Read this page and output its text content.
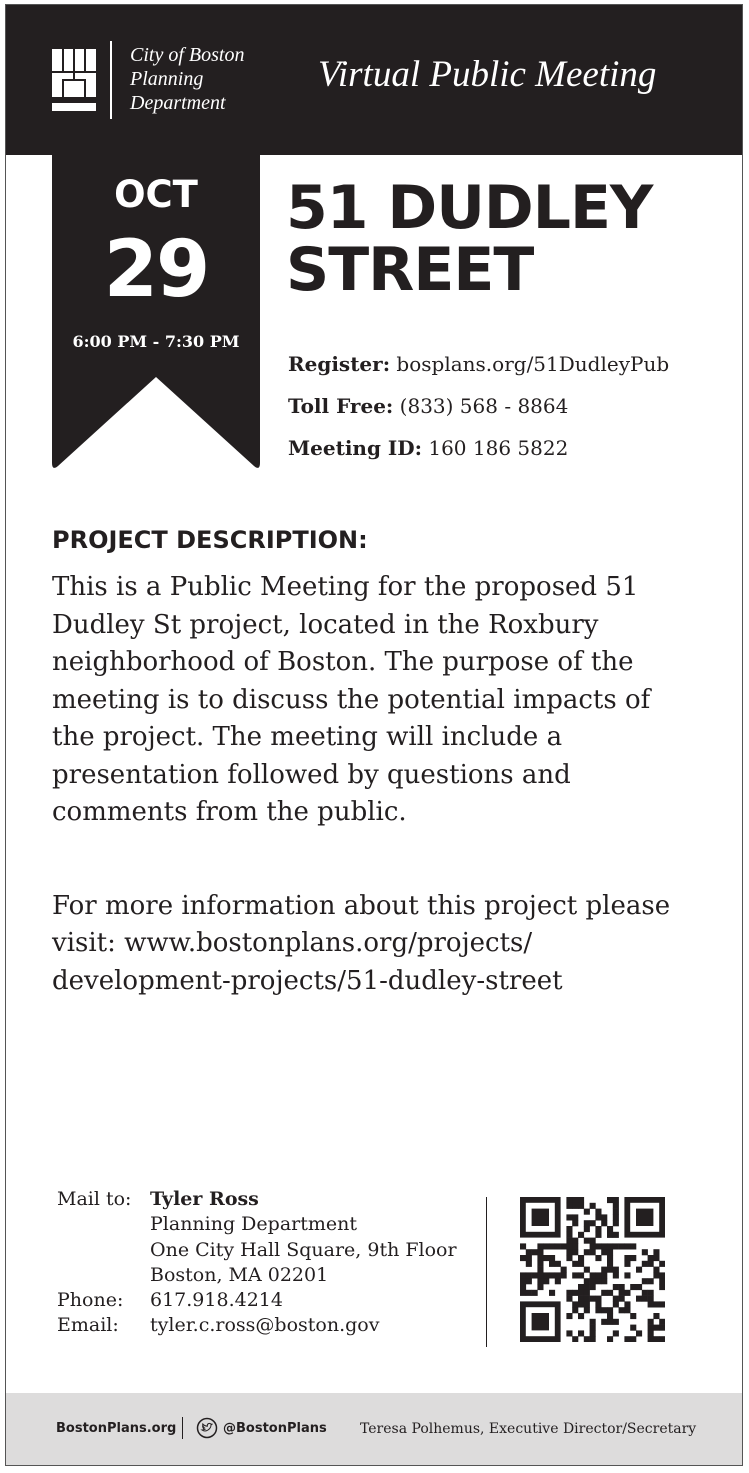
City of Boston
Planning
Department
Virtual Public Meeting
OCT
29
6:00 PM - 7:30 PM
51 DUDLEY
STREET
Register: bosplans.org/51DudleyPub
Toll Free: (833) 568 - 8864
Meeting ID: 160 186 5822
PROJECT DESCRIPTION:
This is a Public Meeting for the proposed 51
Dudley St project, located in the Roxbury
neighborhood of Boston. The purpose of the
meeting is to discuss the potential impacts of
the project. The meeting will include a
presentation followed by questions and
comments from the public.
For more information about this project please
visit: www.bostonplans.org/projects/
development-projects/51-dudley-street
Mail to:	Tyler Ross
	Planning Department
	One City Hall Square, 9th Floor
	Boston, MA 02201
Phone:	617.918.4214
Email:	tyler.c.ross@boston.gov
BostonPlans.org	@BostonPlans Teresa Polhemus, Executive Director/Secretary
